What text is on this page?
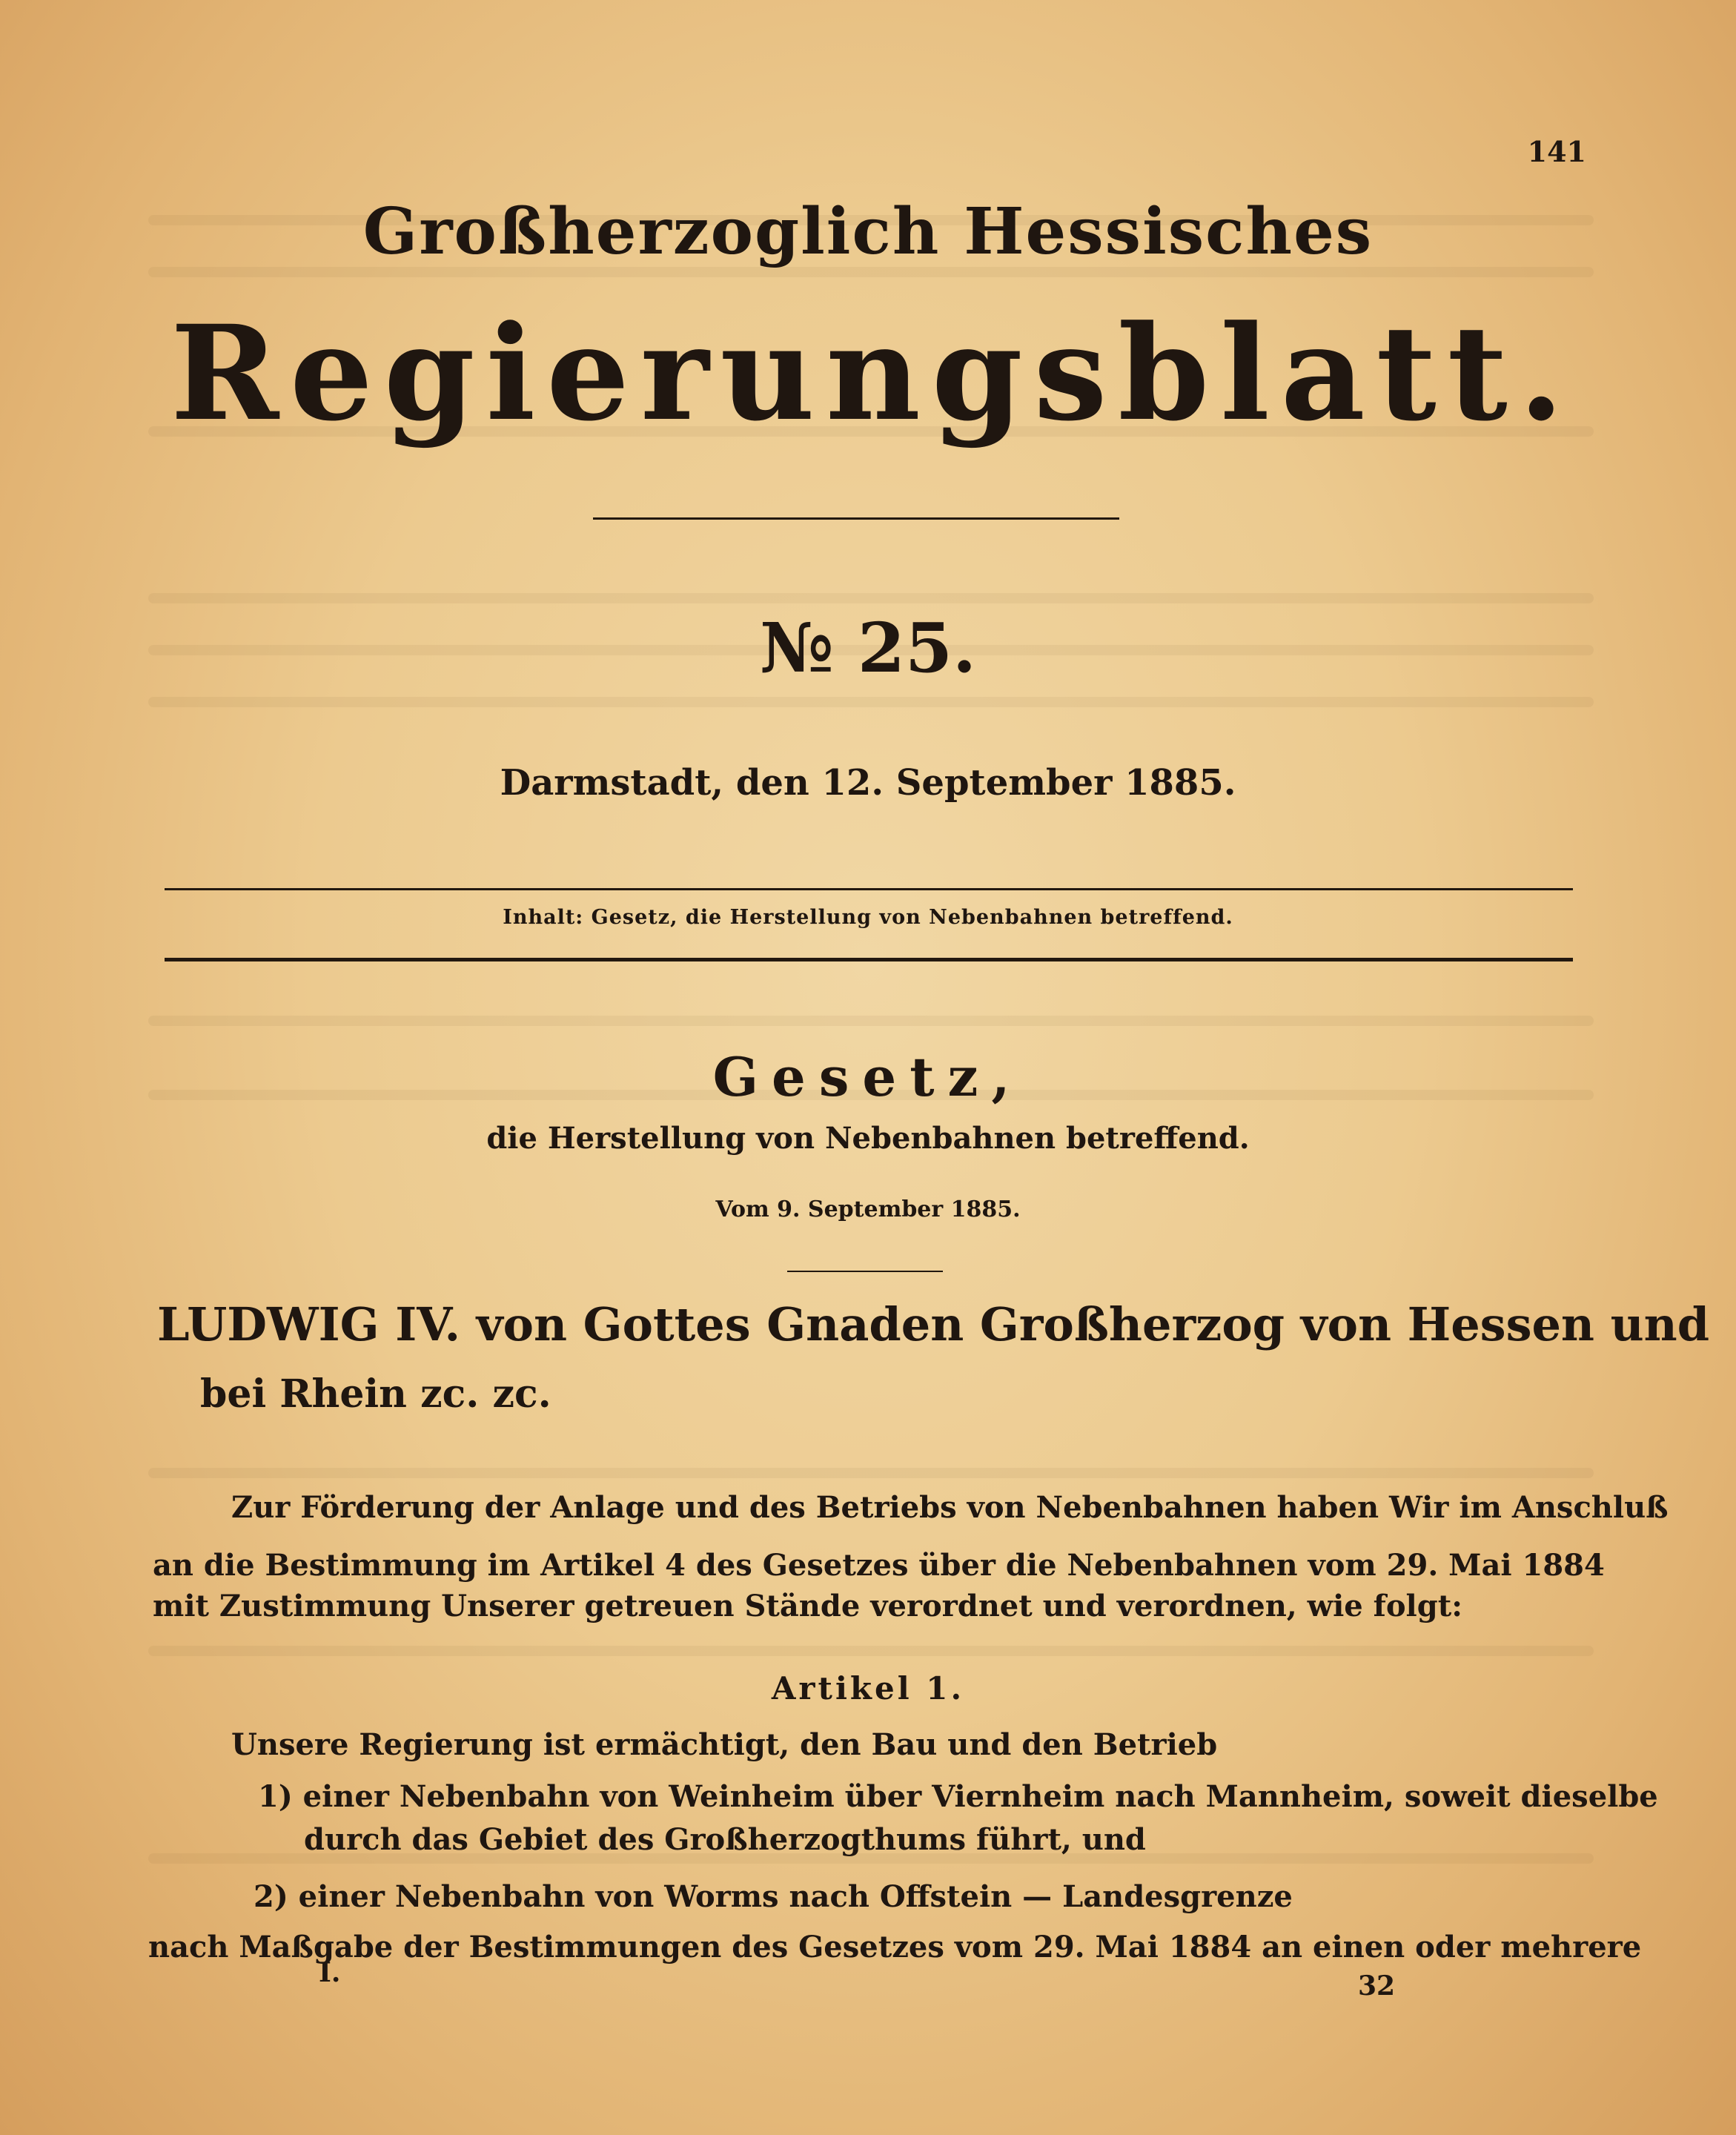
141
Großherzoglich Hessisches
R e g i e r u n g s b l a t t .
№ 25.
Darmstadt, den 12. September 1885.
Inhalt: Gesetz, die Herstellung von Nebenbahnen betreffend.
Gesetz,
die Herstellung von Nebenbahnen betreffend.
Vom 9. September 1885.
LUDWIG IV. von Gottes Gnaden Großherzog von Hessen und
bei Rhein zc. zc.
Zur Förderung der Anlage und des Betriebs von Nebenbahnen haben Wir im Anschluß
an die Bestimmung im Artikel 4 des Gesetzes über die Nebenbahnen vom 29. Mai 1884
mit Zustimmung Unserer getreuen Stände verordnet und verordnen, wie folgt:
Artikel 1.
Unsere Regierung ist ermächtigt, den Bau und den Betrieb
1) einer Nebenbahn von Weinheim über Viernheim nach Mannheim, soweit dieselbe
durch das Gebiet des Großherzogthums führt, und
2) einer Nebenbahn von Worms nach Offstein — Landesgrenze
nach Maßgabe der Bestimmungen des Gesetzes vom 29. Mai 1884 an einen oder mehrere
I.	32
